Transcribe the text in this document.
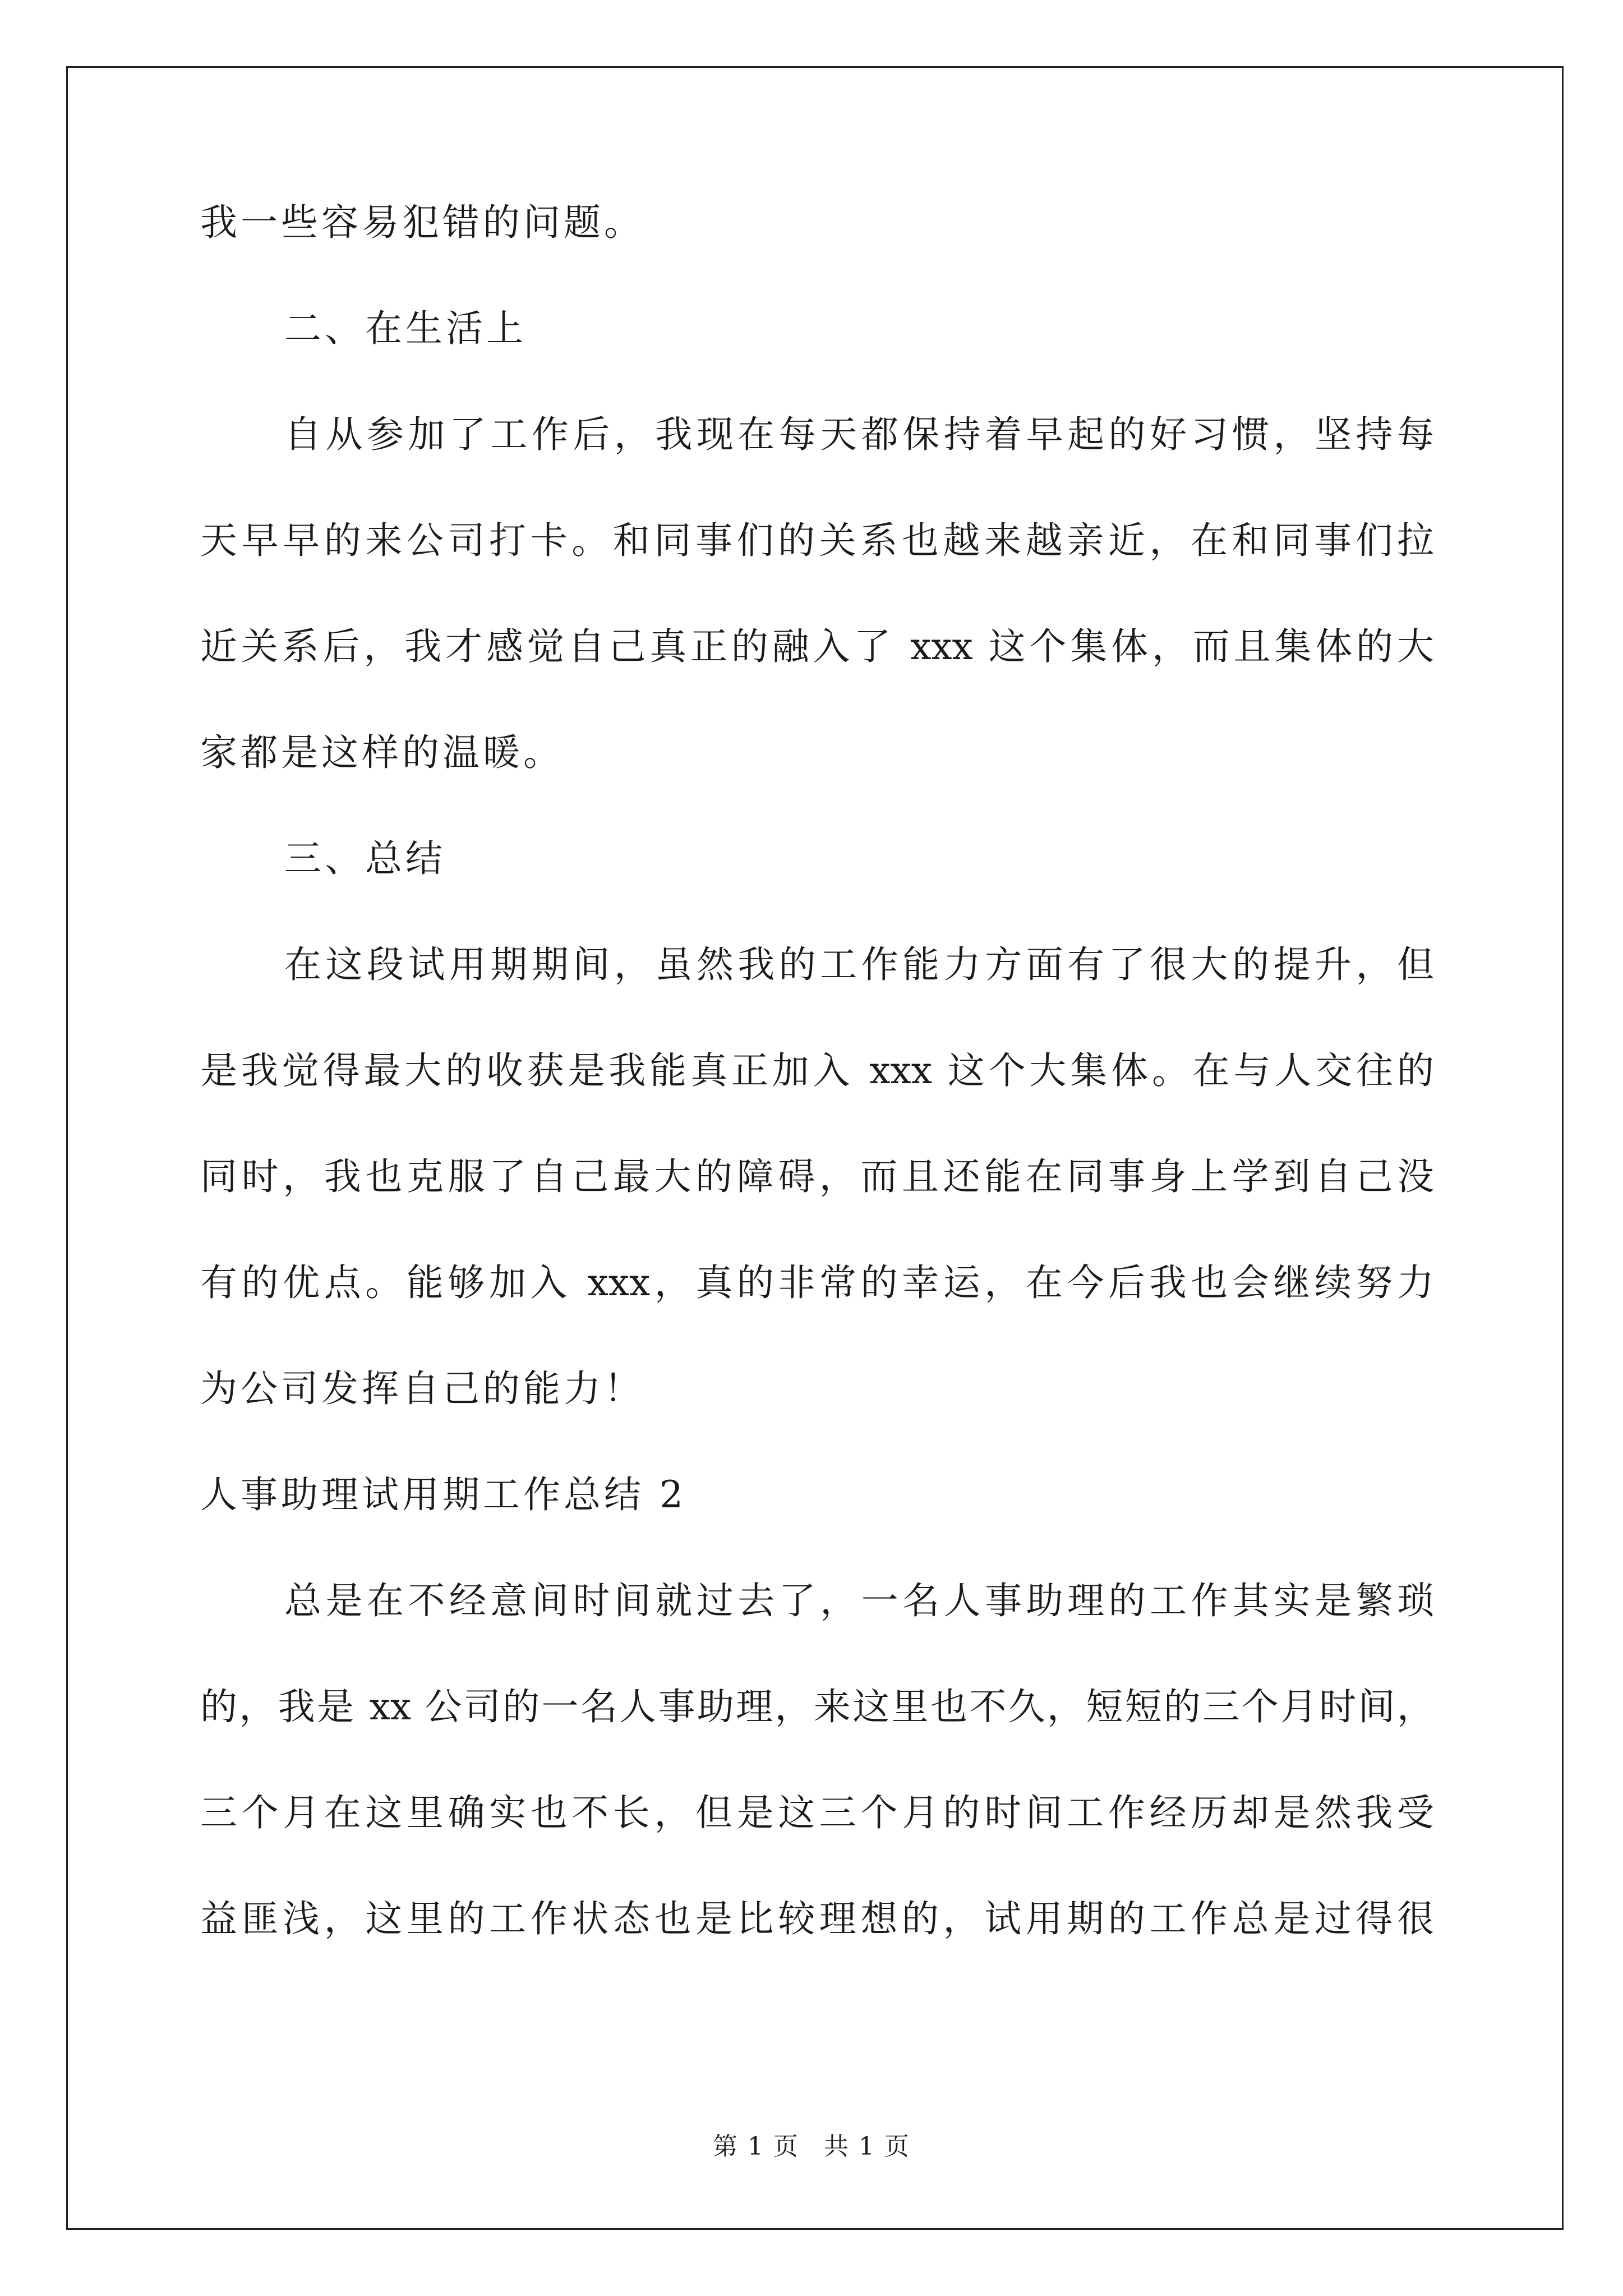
我一些容易犯错的问题。
二、在生活上
自从参加了工作后，我现在每天都保持着早起的好习惯，坚持每
天早早的来公司打卡。和同事们的关系也越来越亲近，在和同事们拉
近关系后，我才感觉自己真正的融入了 xxx 这个集体，而且集体的大
家都是这样的温暖。
三、总结
在这段试用期期间，虽然我的工作能力方面有了很大的提升，但
是我觉得最大的收获是我能真正加入 xxx 这个大集体。在与人交往的
同时，我也克服了自己最大的障碍，而且还能在同事身上学到自己没
有的优点。能够加入 xxx，真的非常的幸运，在今后我也会继续努力
为公司发挥自己的能力！
人事助理试用期工作总结 2
总是在不经意间时间就过去了，一名人事助理的工作其实是繁琐
的，我是 xx 公司的一名人事助理，来这里也不久，短短的三个月时间，
三个月在这里确实也不长，但是这三个月的时间工作经历却是然我受
益匪浅，这里的工作状态也是比较理想的，试用期的工作总是过得很
第 1 页 共 1 页
